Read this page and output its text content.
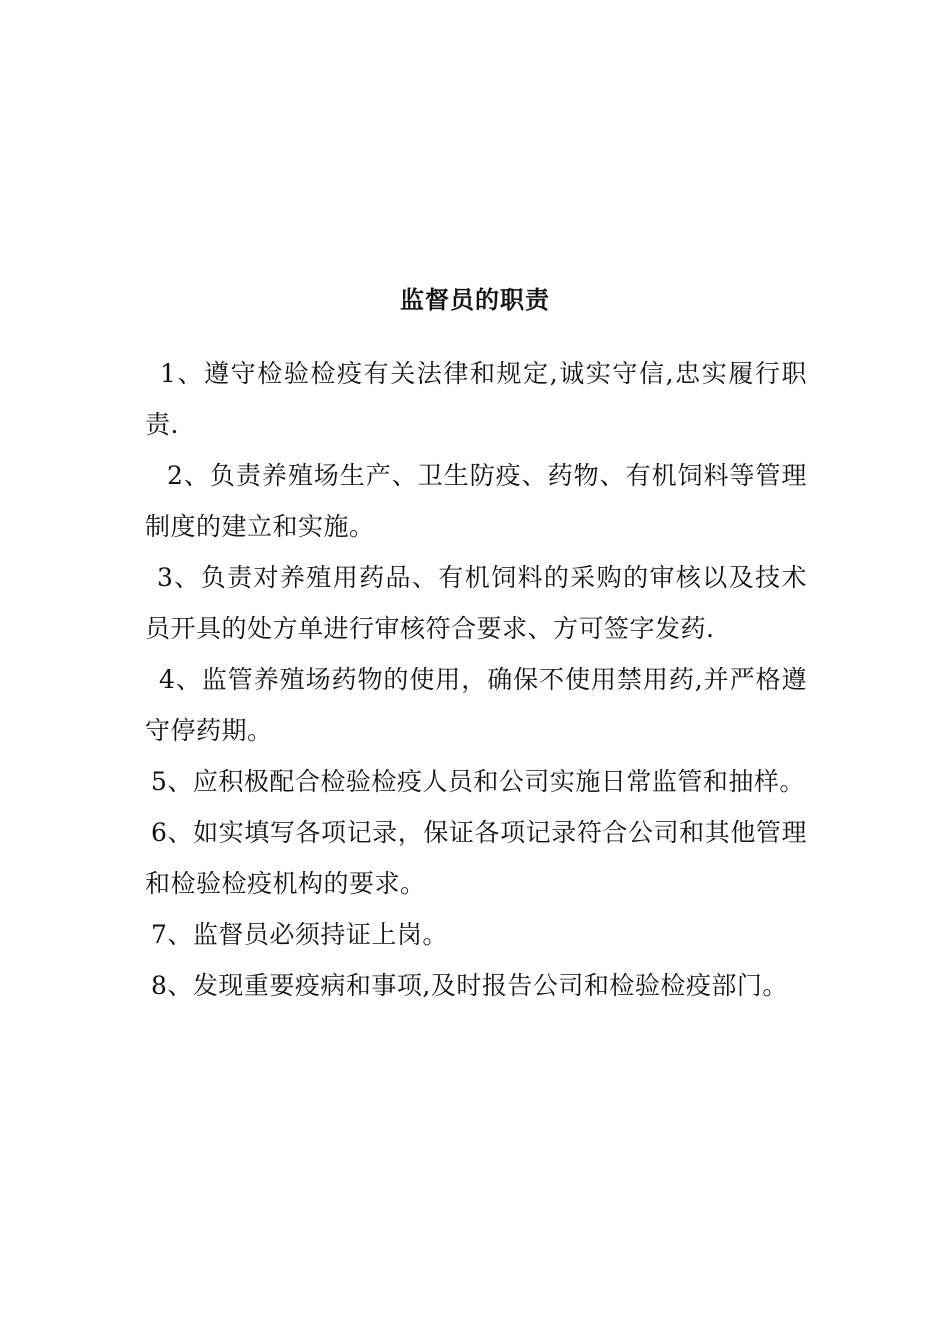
监督员的职责
1、遵守检验检疫有关法律和规定,诚实守信,忠实履行职责.
2、负责养殖场生产、卫生防疫、药物、有机饲料等管理制度的建立和实施。
3、负责对养殖用药品、有机饲料的采购的审核以及技术员开具的处方单进行审核符合要求、方可签字发药.
4、监管养殖场药物的使用，确保不使用禁用药,并严格遵守停药期。
5、应积极配合检验检疫人员和公司实施日常监管和抽样。
6、如实填写各项记录，保证各项记录符合公司和其他管理和检验检疫机构的要求。
7、监督员必须持证上岗。
8、发现重要疫病和事项,及时报告公司和检验检疫部门。
